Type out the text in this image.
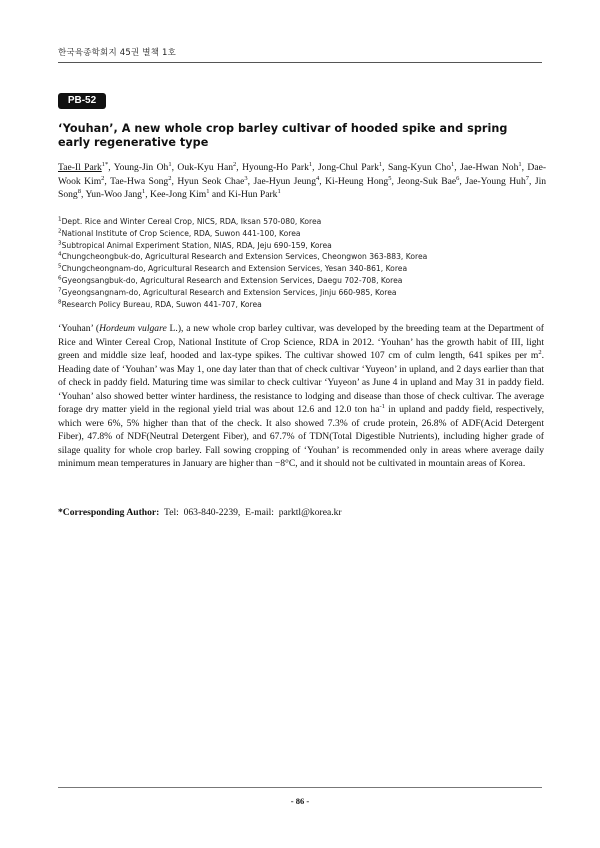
한국육종학회지 45권 별책 1호
PB-52
‘Youhan’, A new whole crop barley cultivar of hooded spike and spring early regenerative type
Tae-Il Park$^{1*}$, Young-Jin Oh$^1$, Ouk-Kyu Han$^2$, Hyoung-Ho Park$^1$, Jong-Chul Park$^1$, Sang-Kyun Cho$^1$, Jae-Hwan Noh$^1$, Dae-Wook Kim$^2$, Tae-Hwa Song$^2$, Hyun Seok Chae$^3$, Jae-Hyun Jeung$^4$, Ki-Heung Hong$^5$, Jeong-Suk Bae$^6$, Jae-Young Huh$^7$, Jin Song$^8$, Yun-Woo Jang$^1$, Kee-Jong Kim$^1$ and Ki-Hun Park$^1$
$^1$Dept. Rice and Winter Cereal Crop, NICS, RDA, Iksan 570-080, Korea
$^2$National Institute of Crop Science, RDA, Suwon 441-100, Korea
$^3$Subtropical Animal Experiment Station, NIAS, RDA, Jeju 690-159, Korea
$^4$Chungcheongbuk-do, Agricultural Research and Extension Services, Cheongwon 363-883, Korea
$^5$Chungcheongnam-do, Agricultural Research and Extension Services, Yesan 340-861, Korea
$^6$Gyeongsangbuk-do, Agricultural Research and Extension Services, Daegu 702-708, Korea
$^7$Gyeongsangnam-do, Agricultural Research and Extension Services, Jinju 660-985, Korea
$^8$Research Policy Bureau, RDA, Suwon 441-707, Korea
‘Youhan’ (Hordeum vulgare L.), a new whole crop barley cultivar, was developed by the breeding team at the Department of Rice and Winter Cereal Crop, National Institute of Crop Science, RDA in 2012. ‘Youhan’ has the growth habit of III, light green and middle size leaf, hooded and lax-type spikes. The cultivar showed 107 cm of culm length, 641 spikes per $m^2$. Heading date of ‘Youhan’ was May 1, one day later than that of check cultivar ‘Yuyeon’ in upland, and 2 days earlier than that of check in paddy field. Maturing time was similar to check cultivar ‘Yuyeon’ as June 4 in upland and May 31 in paddy field. ‘Youhan’ also showed better winter hardiness, the resistance to lodging and disease than those of check cultivar. The average forage dry matter yield in the regional yield trial was about 12.6 and 12.0 ton $ha^{-1}$ in upland and paddy field, respectively, which were 6%, 5% higher than that of the check. It also showed 7.3% of crude protein, 26.8% of ADF(Acid Detergent Fiber), 47.8% of NDF(Neutral Detergent Fiber), and 67.7% of TDN(Total Digestible Nutrients), including higher grade of silage quality for whole crop barley. Fall sowing cropping of ‘Youhan’ is recommended only in areas where average daily minimum mean temperatures in January are higher than −8°C, and it should not be cultivated in mountain areas of Korea.
*Corresponding Author: Tel: 063-840-2239, E-mail: parktl@korea.kr
- 86 -
